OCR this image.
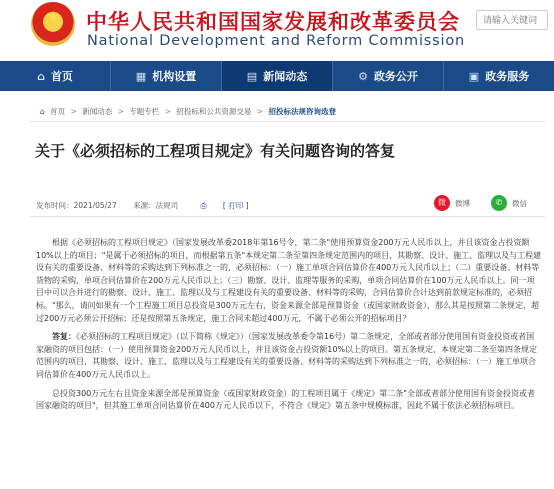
★	中华人民共和国国家发展和改革委员会
National Development and Reform Commission
请输入关键词
⌂ 首页	▦ 机构设置	▤ 新闻动态	⚙ 政务公开	▣ 政务服务
⌂ 首页 > 新闻动态 > 专题专栏 > 招投标和公共资源交易 > 招投标法规咨询选登
关于《必须招标的工程项目规定》有关问题咨询的答复
发布时间：2021/05/27 来源：法规司	⎙ [ 打印 ]	微	微博	✆	微信

根据《必须招标的工程项目规定》（国家发展改革委2018年第16号令，第二条"使用预算资金200万元人民币以上，并且该资金占投资额10%以上的项目；"是属于必须招标的项目，而根据第五条"本规定第二条至第四条规定范围内的项目，其勘察、设计、施工、监理以及与工程建设有关的重要设备、材料等的采购达到下列标准之一的，必须招标：（一）施工单项合同估算价在400万元人民币以上；（二）重要设备、材料等货物的采购，单项合同估算价在200万元人民币以上；（三）勘察、设计、监理等服务的采购，单项合同估算价在100万元人民币以上。同一项目中可以合并进行的勘察、设计、施工、监理以及与工程建设有关的重要设备、材料等的采购，合同估算价合计达到前款规定标准的，必须招标。"那么，请问如果有一个工程施工项目总投资是300万元左右，资金来源全部是预算资金（或国家财政资金），那么其是按照第二条规定，超过200万元必须公开招标；还是按照第五条规定，施工合同未超过400万元，不属于必须公开的招标项目？

答复：《必须招标的工程项目规定》（以下简称《规定》）（国家发展改革委令第16号）第二条规定，全部或者部分使用国有资金投资或者国家融资的项目包括：（一）使用预算资金200万元人民币以上，并且该资金占投资额10%以上的项目。第五条规定，本规定第二条至第四条规定范围内的项目，其勘察、设计、施工、监理以及与工程建设有关的重要设备、材料等的采购达到下列标准之一的，必须招标：（一）施工单项合同估算价在400万元人民币以上。

总投资300万元左右且资金来源全部是预算资金（或国家财政资金）的工程项目属于《规定》第二条"全部或者部分使用国有资金投资或者国家融资的项目"，但其施工单项合同估算价在400万元人民币以下，不符合《规定》第五条中规模标准，因此不属于依法必须招标项目。
